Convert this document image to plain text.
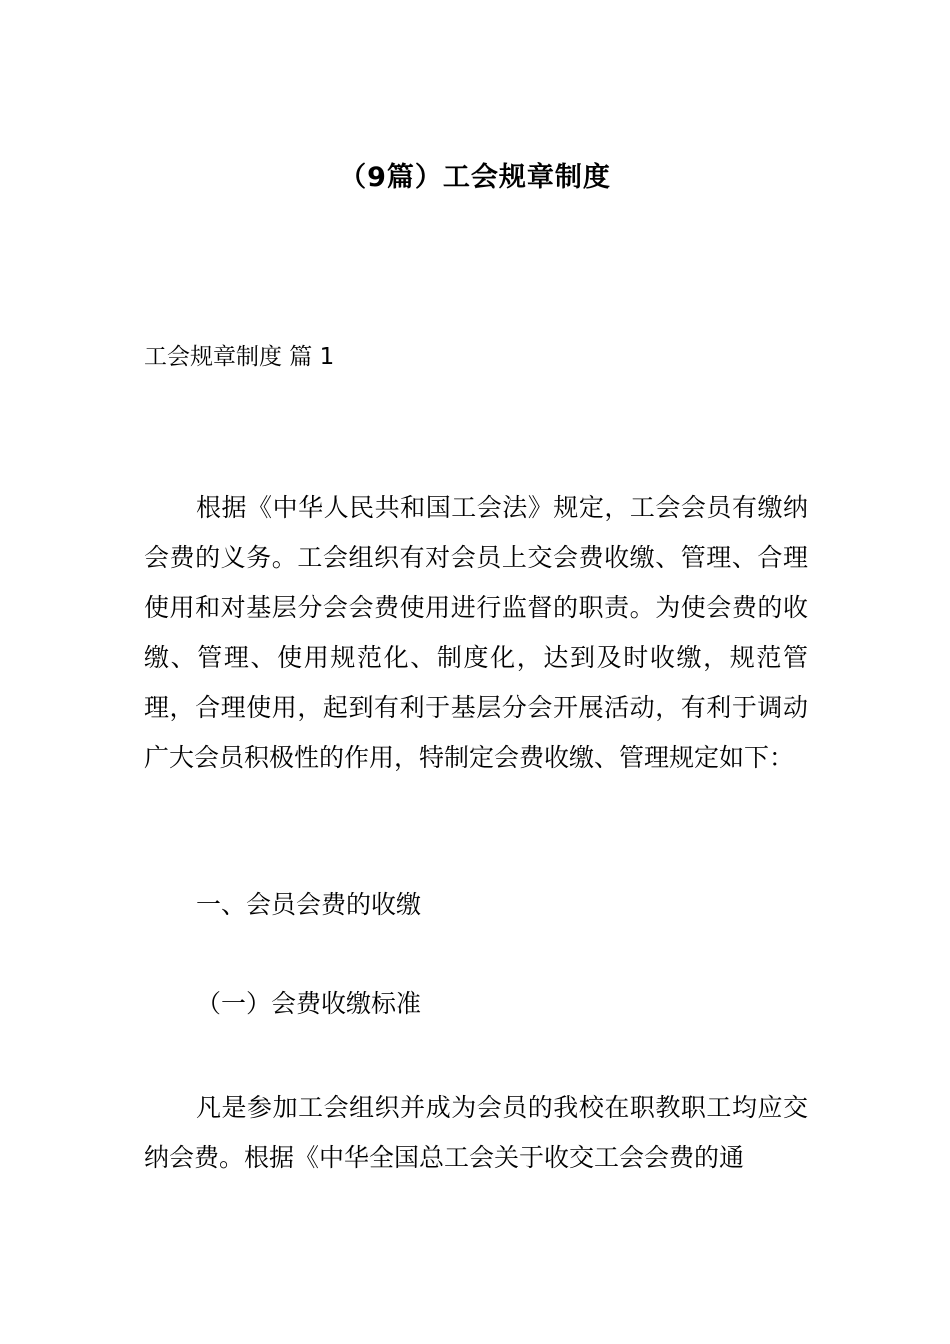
（9篇）工会规章制度
工会规章制度 篇 1
根据《中华人民共和国工会法》规定，工会会员有缴纳会费的义务。工会组织有对会员上交会费收缴、管理、合理使用和对基层分会会费使用进行监督的职责。为使会费的收缴、管理、使用规范化、制度化，达到及时收缴，规范管理，合理使用，起到有利于基层分会开展活动，有利于调动广大会员积极性的作用，特制定会费收缴、管理规定如下：
一、会员会费的收缴
（一）会费收缴标准
凡是参加工会组织并成为会员的我校在职教职工均应交纳会费。根据《中华全国总工会关于收交工会会费的通
